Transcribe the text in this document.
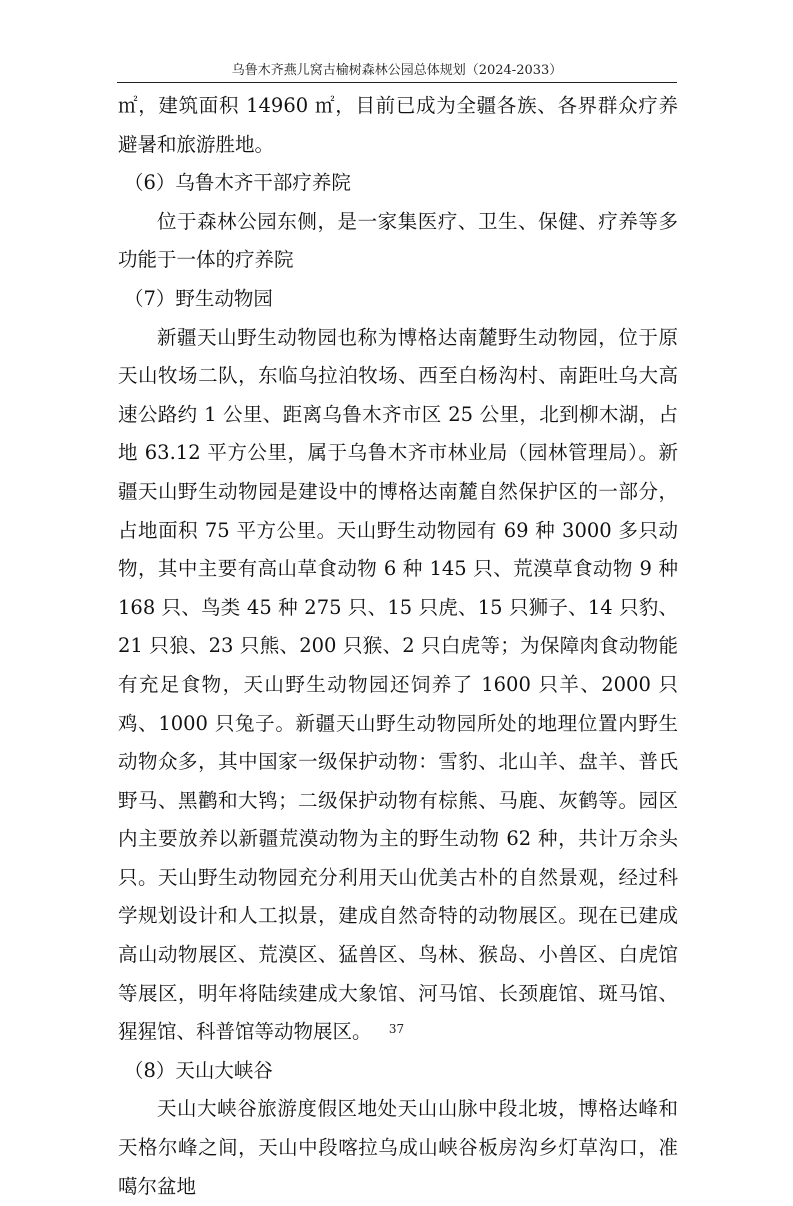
乌鲁木齐燕儿窝古榆树森林公园总体规划（2024-2033）

㎡，建筑面积 14960 ㎡，目前已成为全疆各族、各界群众疗养避暑和旅游胜地。

（6）乌鲁木齐干部疗养院

位于森林公园东侧，是一家集医疗、卫生、保健、疗养等多功能于一体的疗养院

（7）野生动物园

新疆天山野生动物园也称为博格达南麓野生动物园，位于原天山牧场二队，东临乌拉泊牧场、西至白杨沟村、南距吐乌大高速公路约 1 公里、距离乌鲁木齐市区 25 公里，北到柳木湖，占地 63.12 平方公里，属于乌鲁木齐市林业局（园林管理局）。新疆天山野生动物园是建设中的博格达南麓自然保护区的一部分，占地面积 75 平方公里。天山野生动物园有 69 种 3000 多只动物，其中主要有高山草食动物 6 种 145 只、荒漠草食动物 9 种 168 只、鸟类 45 种 275 只、15 只虎、15 只狮子、14 只豹、21 只狼、23 只熊、200 只猴、2 只白虎等；为保障肉食动物能有充足食物，天山野生动物园还饲养了 1600 只羊、2000 只鸡、1000 只兔子。新疆天山野生动物园所处的地理位置内野生动物众多，其中国家一级保护动物：雪豹、北山羊、盘羊、普氏野马、黑鹳和大鸨；二级保护动物有棕熊、马鹿、灰鹤等。园区内主要放养以新疆荒漠动物为主的野生动物 62 种，共计万余头只。天山野生动物园充分利用天山优美古朴的自然景观，经过科学规划设计和人工拟景，建成自然奇特的动物展区。现在已建成高山动物展区、荒漠区、猛兽区、鸟林、猴岛、小兽区、白虎馆等展区，明年将陆续建成大象馆、河马馆、长颈鹿馆、斑马馆、猩猩馆、科普馆等动物展区。

（8）天山大峡谷

天山大峡谷旅游度假区地处天山山脉中段北坡，博格达峰和天格尔峰之间，天山中段喀拉乌成山峡谷板房沟乡灯草沟口，准噶尔盆地

37
